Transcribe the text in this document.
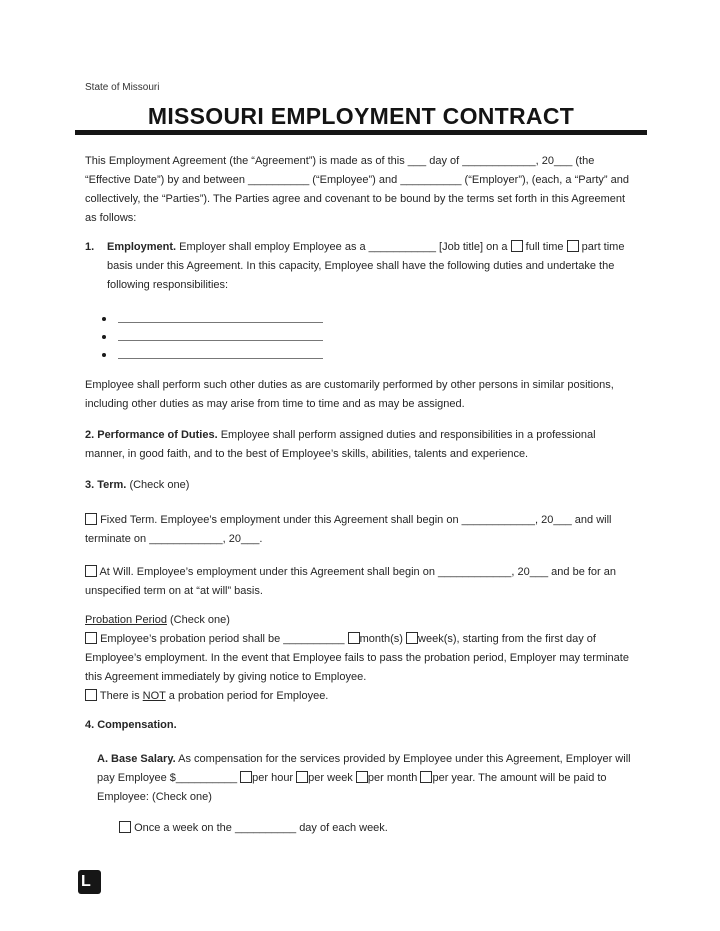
State of Missouri
MISSOURI EMPLOYMENT CONTRACT

This Employment Agreement (the “Agreement”) is made as of this ___ day of ____________, 20___ (the “Effective Date”) by and between __________ (“Employee”) and __________ (“Employer”), (each, a “Party” and collectively, the “Parties”). The Parties agree and covenant to be bound by the terms set forth in this Agreement as follows:

1. Employment. Employer shall employ Employee as a ___________ [Job title] on a full time part time basis under this Agreement. In this capacity, Employee shall have the following duties and undertake the following responsibilities:

Employee shall perform such other duties as are customarily performed by other persons in similar positions, including other duties as may arise from time to time and as may be assigned.

2. Performance of Duties. Employee shall perform assigned duties and responsibilities in a professional manner, in good faith, and to the best of Employee’s skills, abilities, talents and experience.

3. Term. (Check one)

Fixed Term. Employee’s employment under this Agreement shall begin on ____________, 20___ and will terminate on ____________, 20___.

At Will. Employee’s employment under this Agreement shall begin on ____________, 20___ and be for an unspecified term on at “at will” basis.

Probation Period (Check one)

Employee’s probation period shall be __________ month(s) week(s), starting from the first day of Employee’s employment. In the event that Employee fails to pass the probation period, Employer may terminate this Agreement immediately by giving notice to Employee.

There is NOT a probation period for Employee.

4. Compensation.

A. Base Salary. As compensation for the services provided by Employee under this Agreement, Employer will pay Employee $__________ per hour per week per month per year. The amount will be paid to Employee: (Check one)

Once a week on the __________ day of each week.

L
